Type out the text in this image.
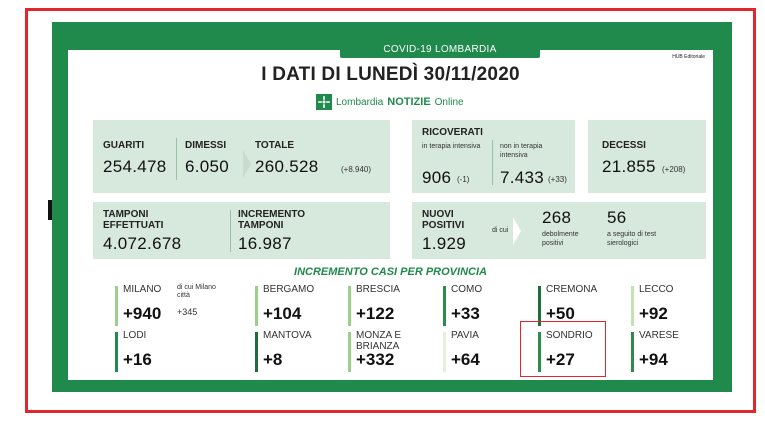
COVID-19 LOMBARDIA
HUB Editoriale
I DATI DI LUNEDÌ 30/11/2020
Lombardia NOTIZIE Online
GUARITI
254.478
DIMESSI
6.050
TOTALE
260.528	(+8.940)
RICOVERATI
in terapia intensiva
906 (-1)
non in terapia intensiva
7.433 (+33)
DECESSI
21.855 (+208)
TAMPONI EFFETTUATI
4.072.678
INCREMENTO TAMPONI
16.987
NUOVI POSITIVI
1.929
di cui
268
debolmente positivi
56
a seguito di test sierologici
INCREMENTO CASI PER PROVINCIA
MILANO
+940
di cui Milano città
+345
BERGAMO
+104
BRESCIA
+122
COMO
+33
CREMONA
+50
LECCO
+92
LODI
+16
MANTOVA
+8
MONZA E BRIANZA
+332
PAVIA
+64
SONDRIO
+27
VARESE
+94
